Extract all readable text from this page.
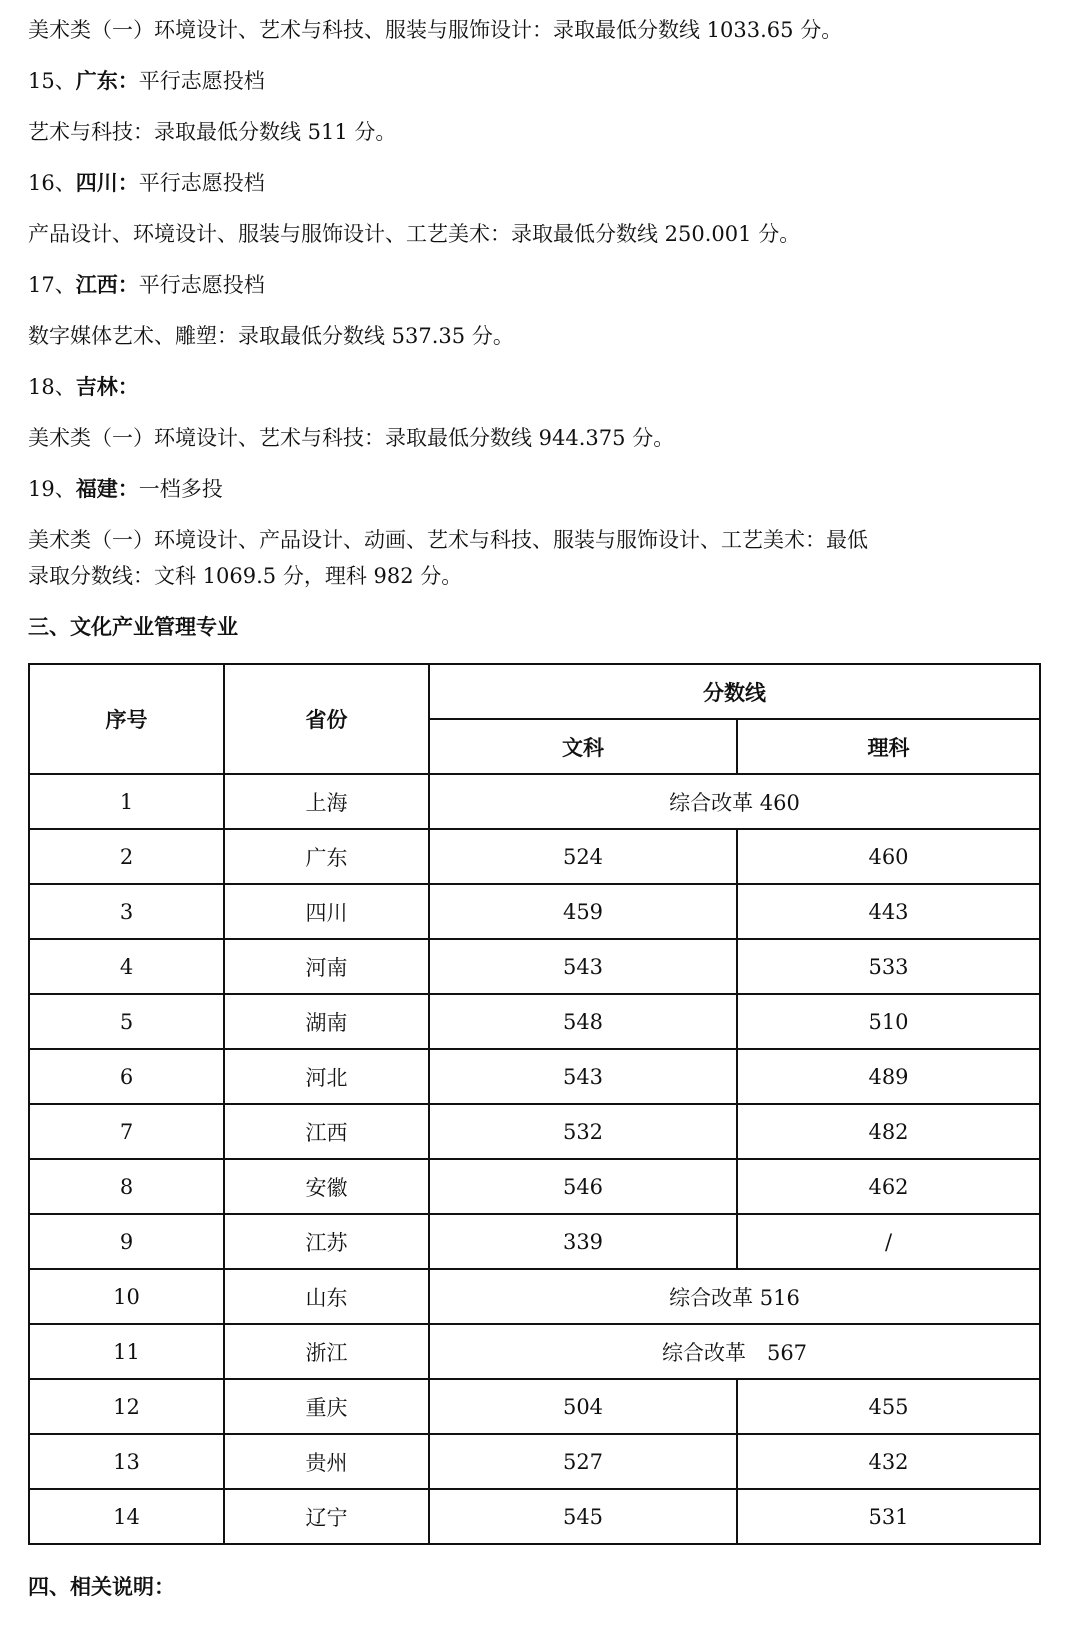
美术类（一）环境设计、艺术与科技、服装与服饰设计：录取最低分数线 1033.65 分。
15、广东：平行志愿投档
艺术与科技：录取最低分数线 511 分。
16、四川：平行志愿投档
产品设计、环境设计、服装与服饰设计、工艺美术：录取最低分数线 250.001 分。
17、江西：平行志愿投档
数字媒体艺术、雕塑：录取最低分数线 537.35 分。
18、吉林：
美术类（一）环境设计、艺术与科技：录取最低分数线 944.375 分。
19、福建：一档多投
美术类（一）环境设计、产品设计、动画、艺术与科技、服装与服饰设计、工艺美术：最低
录取分数线：文科 1069.5 分，理科 982 分。
三、文化产业管理专业
序号	省份	分数线	
		文科	理科
1	上海	综合改革 460	
2	广东	524	460
3	四川	459	443
4	河南	543	533
5	湖南	548	510
6	河北	543	489
7	江西	532	482
8	安徽	546	462
9	江苏	339	/
10	山东	综合改革 516	
11	浙江	综合改革　567	
12	重庆	504	455
13	贵州	527	432
14	辽宁	545	531
四、相关说明：
